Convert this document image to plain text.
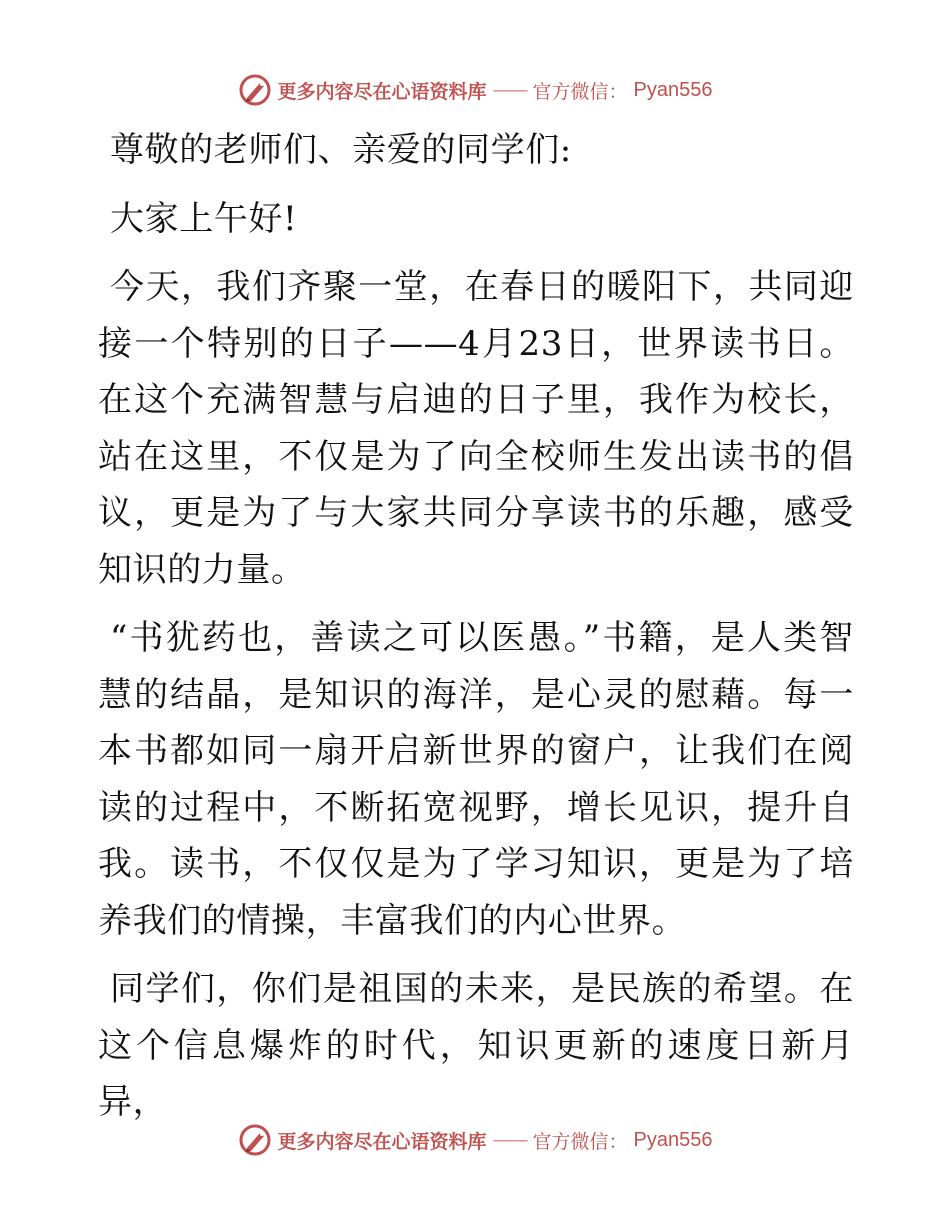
更多内容尽在心语资料库 —— 官方微信： Pyan556

尊敬的老师们、亲爱的同学们:

大家上午好!

今天，我们齐聚一堂，在春日的暖阳下，共同迎接一个特别的日子——4月23日，世界读书日。在这个充满智慧与启迪的日子里，我作为校长，站在这里，不仅是为了向全校师生发出读书的倡议，更是为了与大家共同分享读书的乐趣，感受知识的力量。

“书犹药也，善读之可以医愚。”书籍，是人类智慧的结晶，是知识的海洋，是心灵的慰藉。每一本书都如同一扇开启新世界的窗户，让我们在阅读的过程中，不断拓宽视野，增长见识，提升自我。读书，不仅仅是为了学习知识，更是为了培养我们的情操，丰富我们的内心世界。

同学们，你们是祖国的未来，是民族的希望。在这个信息爆炸的时代，知识更新的速度日新月异，

更多内容尽在心语资料库 —— 官方微信： Pyan556
